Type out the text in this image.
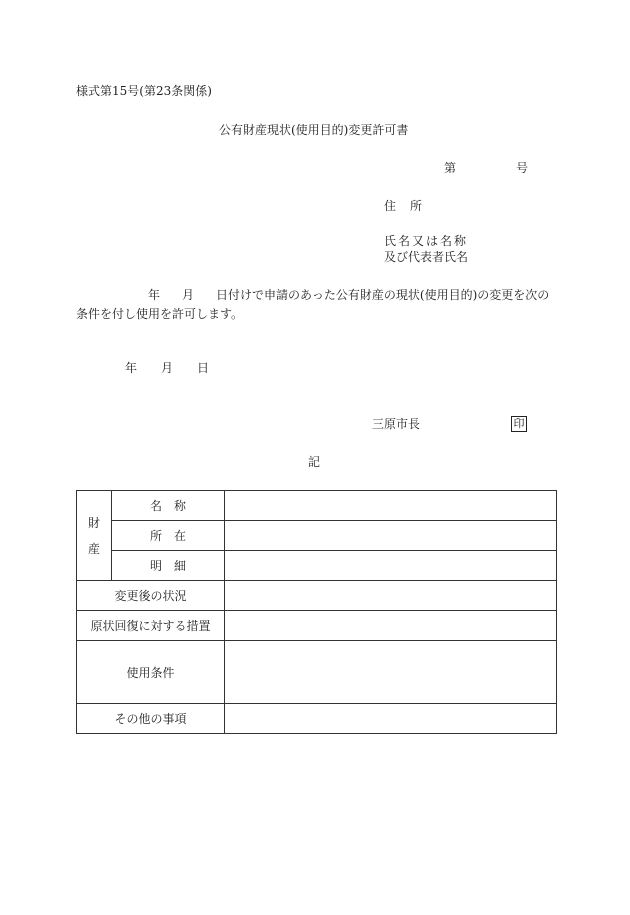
様式第15号(第23条関係)
公有財産現状(使用目的)変更許可書
第	号
住　所
氏名又は名称
及び代表者氏名
年 月 日付けで申請のあった公有財産の現状(使用目的)の変更を次の
条件を付し使用を許可します。
年 月 日
三原市長	印
記
財産	名称	
	所在	
	明細	
変更後の状況		
原状回復に対する措置		
使用条件		
その他の事項		
